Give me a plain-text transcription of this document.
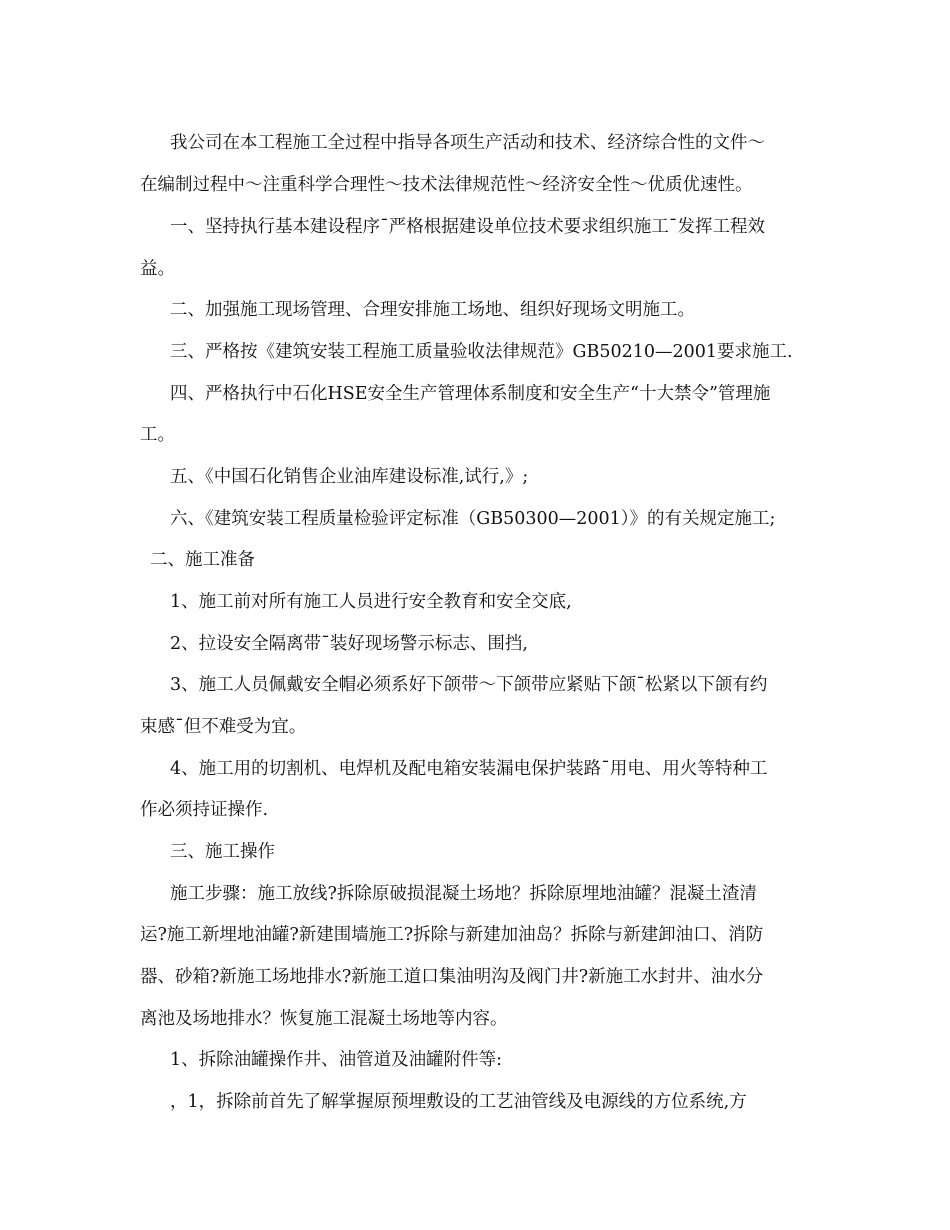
我公司在本工程施工全过程中指导各项生产活动和技术、经济综合性的文件～

在编制过程中～注重科学合理性～技术法律规范性～经济安全性～优质优速性。

一、坚持执行基本建设程序ˉ严格根据建设单位技术要求组织施工ˉ发挥工程效

益。

二、加强施工现场管理、合理安排施工场地、组织好现场文明施工。

三、严格按《建筑安装工程施工质量验收法律规范》GB50210—2001要求施工.

四、严格执行中石化HSE安全生产管理体系制度和安全生产“十大禁令”管理施

工。

五、《中国石化销售企业油库建设标准,试行,》;

六、《建筑安装工程质量检验评定标准（GB50300—2001）》的有关规定施工;

二、施工准备

1、施工前对所有施工人员进行安全教育和安全交底,

2、拉设安全隔离带ˉ装好现场警示标志、围挡,

3、施工人员佩戴安全帽必须系好下颌带～下颌带应紧贴下颌ˉ松紧以下颌有约

束感ˉ但不难受为宜。

4、施工用的切割机、电焊机及配电箱安装漏电保护装路ˉ用电、用火等特种工

作必须持证操作.

三、施工操作

施工步骤：施工放线?拆除原破损混凝土场地？拆除原埋地油罐？混凝土渣清

运?施工新埋地油罐?新建围墙施工?拆除与新建加油岛？拆除与新建卸油口、消防

器、砂箱?新施工场地排水?新施工道口集油明沟及阀门井?新施工水封井、油水分

离池及场地排水？恢复施工混凝土场地等内容。

1、拆除油罐操作井、油管道及油罐附件等:

，1，拆除前首先了解掌握原预埋敷设的工艺油管线及电源线的方位系统,方
